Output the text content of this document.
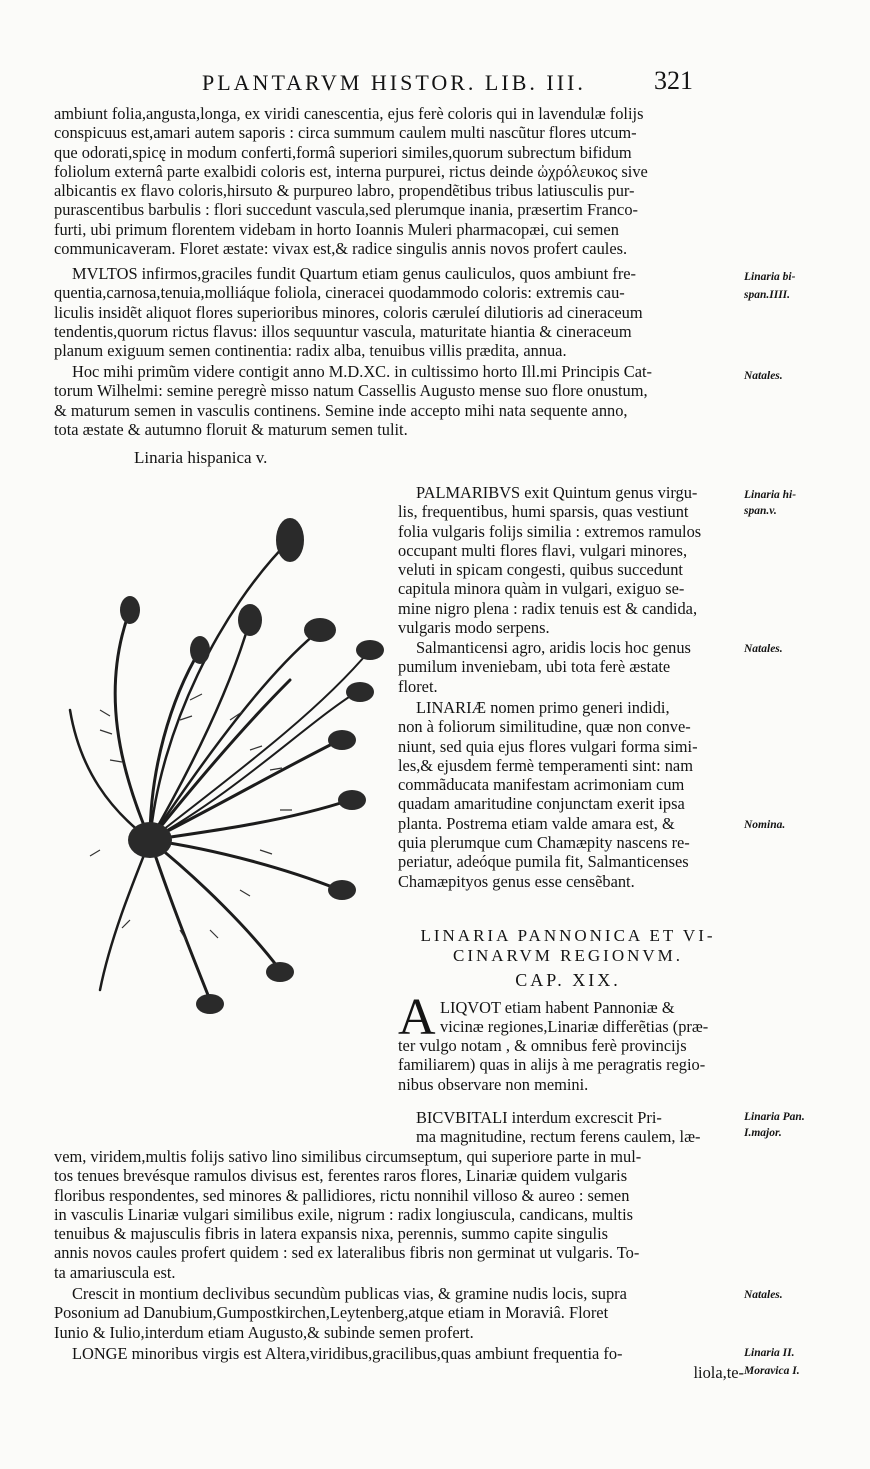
PLANTARVM HISTOR. LIB. III.	321

ambiunt folia,angusta,longa, ex viridi canescentia, ejus ferè coloris qui in lavendulæ folijs

conspicuus est,amari autem saporis : circa summum caulem multi nascũtur flores utcum-

que odorati,spicę in modum conferti,formâ superiori similes,quorum subrectum bifidum

foliolum externâ parte exalbidi coloris est, interna purpurei, rictus deinde ὠχρόλευκος sive

albicantis ex flavo coloris,hirsuto & purpureo labro, propendẽtibus tribus latiusculis pur-

purascentibus barbulis : flori succedunt vascula,sed plerumque inania, præsertim Franco-

furti, ubi primum florentem videbam in horto Ioannis Muleri pharmacopæi, cui semen

communicaveram. Floret æstate: vivax est,& radice singulis annis novos profert caules.

MVLTOS infirmos,graciles fundit Quartum etiam genus cauliculos, quos ambiunt fre-

quentia,carnosa,tenuia,molliáque foliola, cineracei quodammodo coloris: extremis cau-

liculis insidẽt aliquot flores superioribus minores, coloris cæruleí dilutioris ad cineraceum

tendentis,quorum rictus flavus: illos sequuntur vascula, maturitate hiantia & cineraceum

planum exiguum semen continentia: radix alba, tenuibus villis prædita, annua.

Hoc mihi primũm videre contigit anno M.D.XC. in cultissimo horto Ill.mi Principis Cat-

torum Wilhelmi: semine peregrè misso natum Cassellis Augusto mense suo flore onustum,

& maturum semen in vasculis continens. Semine inde accepto mihi nata sequente anno,

tota æstate & autumno floruit & maturum semen tulit.

Linaria hispanica v.

PALMARIBVS exit Quintum genus virgu-

lis, frequentibus, humi sparsis, quas vestiunt

folia vulgaris folijs similia : extremos ramulos

occupant multi flores flavi, vulgari minores,

veluti in spicam congesti, quibus succedunt

capitula minora quàm in vulgari, exiguo se-

mine nigro plena : radix tenuis est & candida,

vulgaris modo serpens.

Salmanticensi agro, aridis locis hoc genus

pumilum inveniebam, ubi tota ferè æstate

floret.

LINARIÆ nomen primo generi indidi,

non à foliorum similitudine, quæ non conve-

niunt, sed quia ejus flores vulgari forma simi-

les,& ejusdem fermè temperamenti sint: nam

commãducata manifestam acrimoniam cum

quadam amaritudine conjunctam exerit ipsa

planta. Postrema etiam valde amara est, &

quia plerumque cum Chamæpity nascens re-

periatur, adeóque pumila fit, Salmanticenses

Chamæpityos genus esse censẽbant.

LINARIA PANNONICA ET VI-
CINARVM REGIONVM.
CAP. XIX.
A LIQVOT etiam habent Pannoniæ &

vicinæ regiones,Linariæ differẽtias (præ-

ter vulgo notam , & omnibus ferè provincijs

familiarem) quas in alijs à me peragratis regio-

nibus observare non memini.

BICVBITALI interdum excrescit Pri-

ma magnitudine, rectum ferens caulem, læ-

vem, viridem,multis folijs sativo lino similibus circumseptum, qui superiore parte in mul-

tos tenues brevésque ramulos divisus est, ferentes raros flores, Linariæ quidem vulgaris

floribus respondentes, sed minores & pallidiores, rictu nonnihil villoso & aureo : semen

in vasculis Linariæ vulgari similibus exile, nigrum : radix longiuscula, candicans, multis

tenuibus & majusculis fibris in latera expansis nixa, perennis, summo capite singulis

annis novos caules profert quidem : sed ex lateralibus fibris non germinat ut vulgaris. To-

ta amariuscula est.

Crescit in montium declivibus secundùm publicas vias, & gramine nudis locis, supra

Posonium ad Danubium,Gumpostkirchen,Leytenberg,atque etiam in Moraviâ. Floret

Iunio & Iulio,interdum etiam Augusto,& subinde semen profert.

LONGE minoribus virgis est Altera,viridibus,gracilibus,quas ambiunt frequentia fo-

liola,te-

Linaria bi-
span.IIII.
Natales.
Linaria hi-
span.v.
Natales.
Nomina.
Linaria Pan.
I.major.
Natales.
Linaria II.
Moravica I.
